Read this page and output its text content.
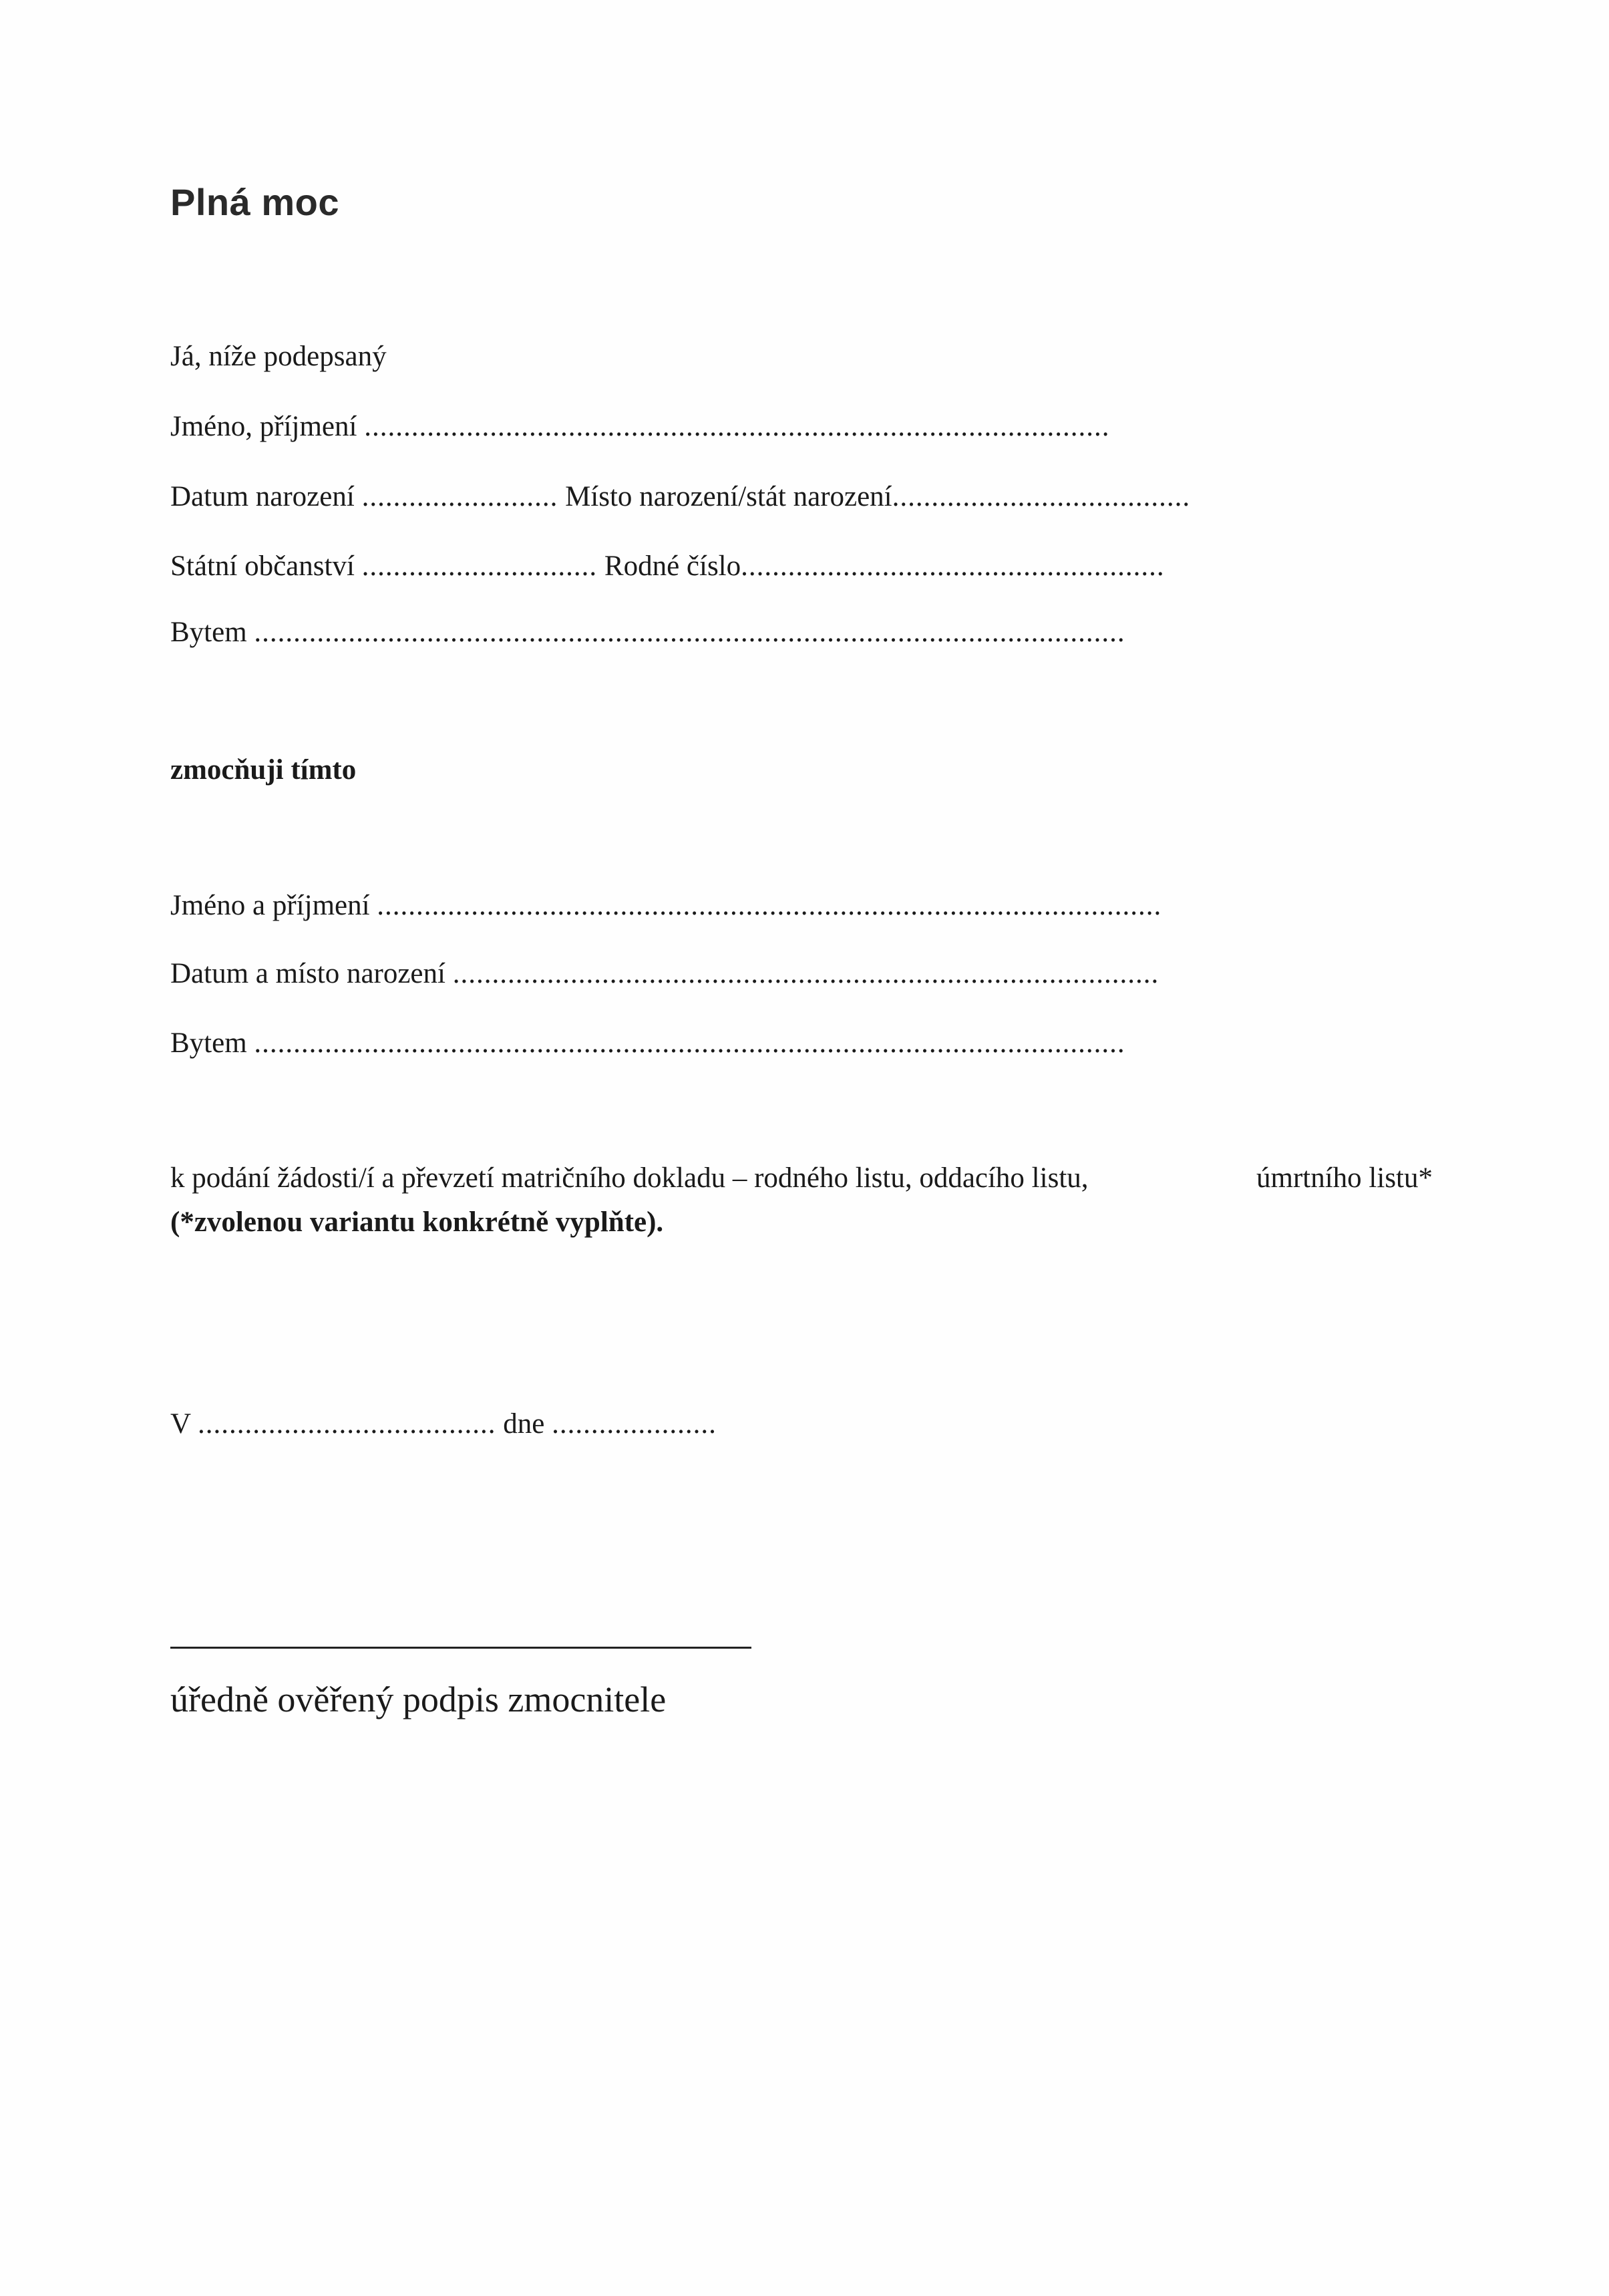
Plná moc
Já, níže podepsaný
Jméno, příjmení ...............................................................................................
Datum narození ......................... Místo narození/stát narození......................................
Státní občanství .............................. Rodné číslo......................................................
Bytem ...............................................................................................................
zmocňuji tímto
Jméno a příjmení ....................................................................................................
Datum a místo narození ..........................................................................................
Bytem ...............................................................................................................
k podání žádosti/í a převzetí matričního dokladu – rodného listu, oddacího listu,	úmrtního listu*
(*zvolenou variantu konkrétně vyplňte).
V ...................................... dne .....................
úředně ověřený podpis zmocnitele
